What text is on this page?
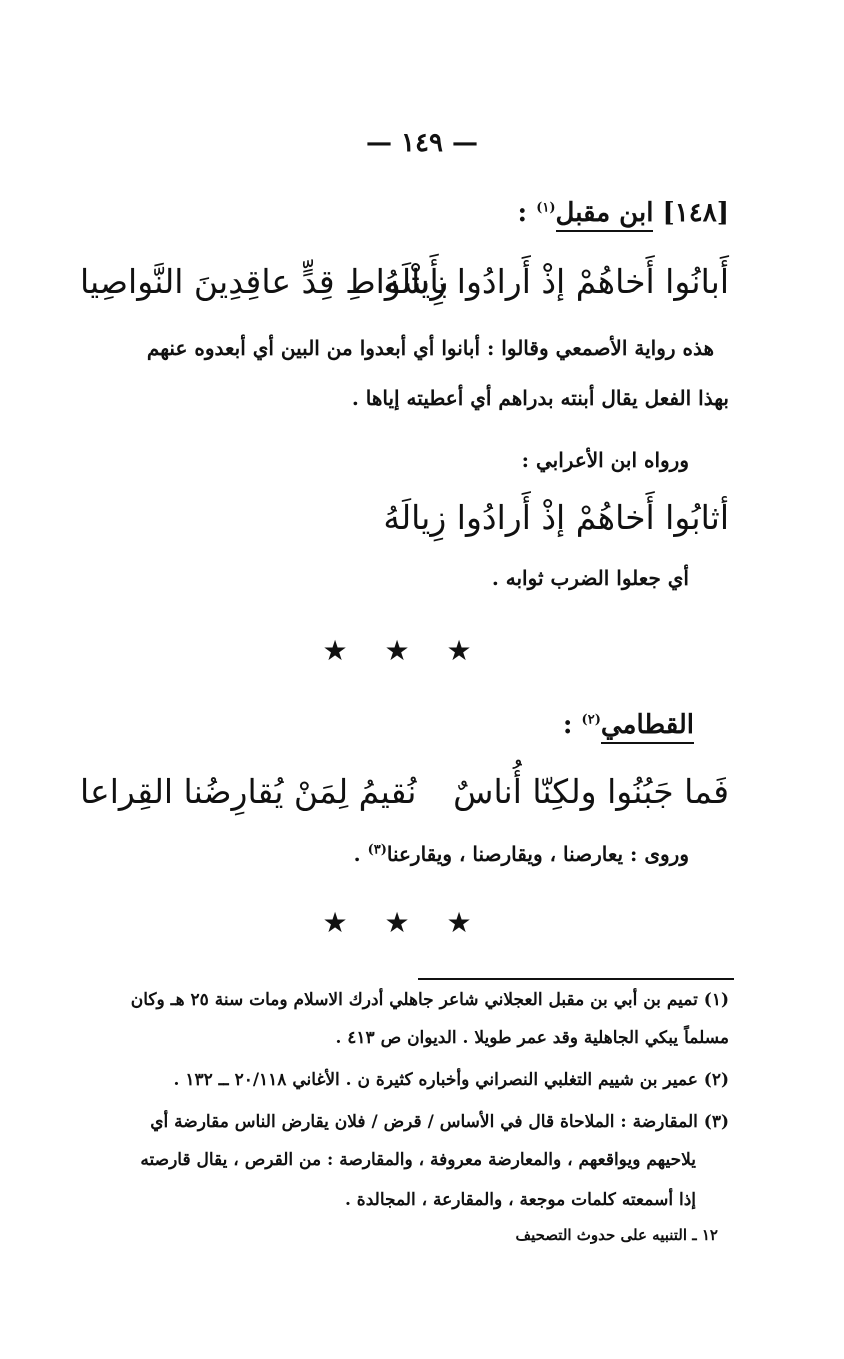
— ١٤٩ —
[١٤٨] ابن مقبل$^{(١)}$ :
أَبانُوا أَخاهُمْ إذْ أَرادُوا زِيالَهُ
بأَشْواطِ قِدٍّ عاقِدِينَ النَّواصِيا
هذه رواية الأصمعي وقالوا : أبانوا أي أبعدوا من البين أي أبعدوه عنهم
بهذا الفعل يقال أبنته بدراهم أي أعطيته إياها .
ورواه ابن الأعرابي :
أثابُوا أَخاهُمْ إذْ أَرادُوا زِيالَهُ
أي جعلوا الضرب ثوابه .
★ ★ ★
القطامي$^{(٢)}$ :
فَما جَبُنُوا ولكِنّا أُناسٌ
نُقيمُ لِمَنْ يُقارِضُنا القِراعا
وروى : يعارصنا ، ويقارصنا ، ويقارعنا$^{(٣)}$ .
★ ★ ★
(١) تميم بن أبي بن مقبل العجلاني شاعر جاهلي أدرك الاسلام ومات سنة ٢٥ هـ وكان
مسلماً يبكي الجاهلية وقد عمر طويلا . الديوان ص ٤١٣ .
(٢) عمير بن شييم التغلبي النصراني وأخباره كثيرة ن . الأغاني ٢٠/١١٨ ــ ١٣٢ .
(٣) المقارضة : الملاحاة قال في الأساس / قرض / فلان يقارض الناس مقارضة أي
يلاحيهم ويواقعهم ، والمعارضة معروفة ، والمقارصة : من القرص ، يقال قارصته
إذا أسمعته كلمات موجعة ، والمقارعة ، المجالدة .
١٢ ـ التنبيه على حدوث التصحيف
